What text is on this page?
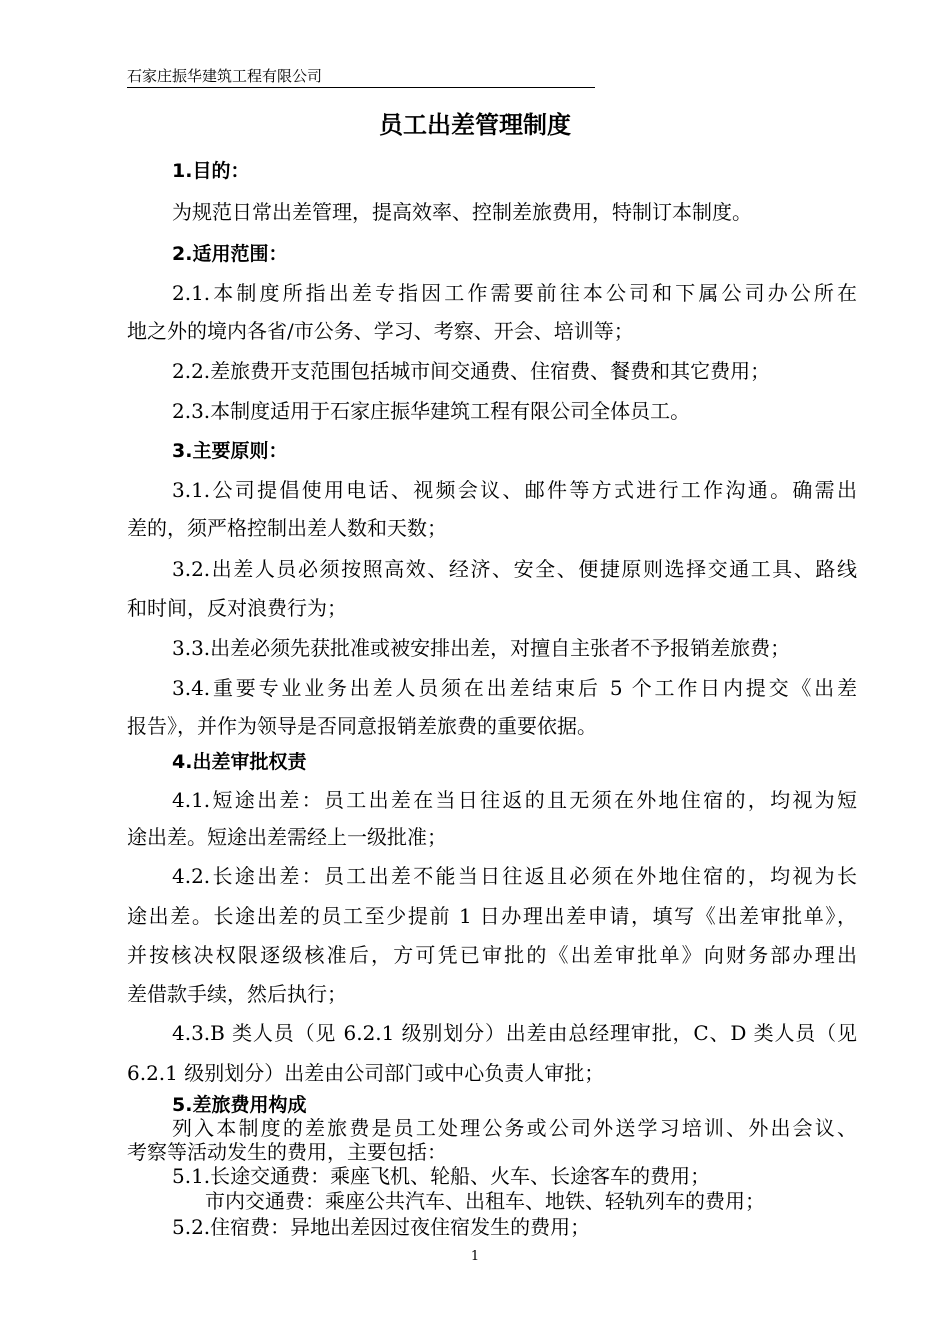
石家庄振华建筑工程有限公司
员工出差管理制度
1.目的：
为规范日常出差管理，提高效率、控制差旅费用，特制订本制度。
2.适用范围：
2.1.本制度所指出差专指因工作需要前往本公司和下属公司办公所在
地之外的境内各省/市公务、学习、考察、开会、培训等；
2.2.差旅费开支范围包括城市间交通费、住宿费、餐费和其它费用；
2.3.本制度适用于石家庄振华建筑工程有限公司全体员工。
3.主要原则：
3.1.公司提倡使用电话、视频会议、邮件等方式进行工作沟通。确需出
差的，须严格控制出差人数和天数；
3.2.出差人员必须按照高效、经济、安全、便捷原则选择交通工具、路线
和时间，反对浪费行为；
3.3.出差必须先获批准或被安排出差，对擅自主张者不予报销差旅费；
3.4.重要专业业务出差人员须在出差结束后 5 个工作日内提交《出差
报告》，并作为领导是否同意报销差旅费的重要依据。
4.出差审批权责
4.1.短途出差：员工出差在当日往返的且无须在外地住宿的，均视为短
途出差。短途出差需经上一级批准；
4.2.长途出差：员工出差不能当日往返且必须在外地住宿的，均视为长
途出差。长途出差的员工至少提前 1 日办理出差申请，填写《出差审批单》，
并按核决权限逐级核准后，方可凭已审批的《出差审批单》向财务部办理出
差借款手续，然后执行；
4.3.B 类人员（见 6.2.1 级别划分）出差由总经理审批，C、D 类人员（见
6.2.1 级别划分）出差由公司部门或中心负责人审批；
5.差旅费用构成
列入本制度的差旅费是员工处理公务或公司外送学习培训、外出会议、
考察等活动发生的费用，主要包括：
5.1.长途交通费：乘座飞机、轮船、火车、长途客车的费用；
市内交通费：乘座公共汽车、出租车、地铁、轻轨列车的费用；
5.2.住宿费：异地出差因过夜住宿发生的费用；
1
